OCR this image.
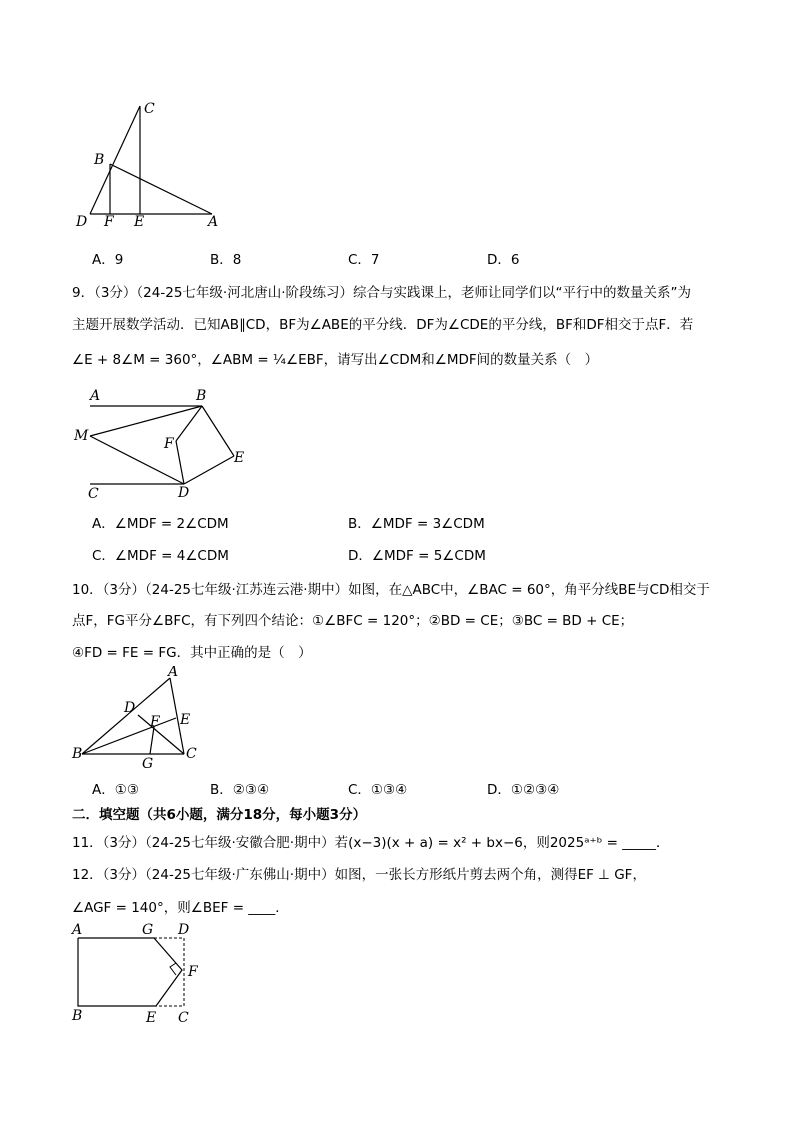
C
B
D F E	A
A．9	B．8	C．7	D．6
9．（3分）（24-25七年级·河北唐山·阶段练习）综合与实践课上，老师让同学们以“平行中的数量关系”为
主题开展数学活动．已知AB∥CD，BF为∠ABE的平分线．DF为∠CDE的平分线，BF和DF相交于点F．若
∠E + 8∠M = 360°，∠ABM = ¼∠EBF，请写出∠CDM和∠MDF间的数量关系（　）
A	B
M	F
E
C	D
A．∠MDF = 2∠CDM	B．∠MDF = 3∠CDM
C．∠MDF = 4∠CDM	D．∠MDF = 5∠CDM
10．（3分）（24-25七年级·江苏连云港·期中）如图，在△ABC中，∠BAC = 60°，角平分线BE与CD相交于
点F，FG平分∠BFC，有下列四个结论：①∠BFC = 120°；②BD = CE；③BC = BD + CE；
④FD = FE = FG．其中正确的是（　）
A
D
F E
B
G
C
A．①③	B．②③④	C．①③④	D．①②③④
二．填空题（共6小题，满分18分，每小题3分）
11．（3分）（24-25七年级·安徽合肥·期中）若(x−3)(x + a) = x² + bx−6，则2025ᵃ⁺ᵇ = _____．
12．（3分）（24-25七年级·广东佛山·期中）如图，一张长方形纸片剪去两个角，测得EF ⊥ GF，
∠AGF = 140°，则∠BEF = ____．
A	G D
F
B	E C
